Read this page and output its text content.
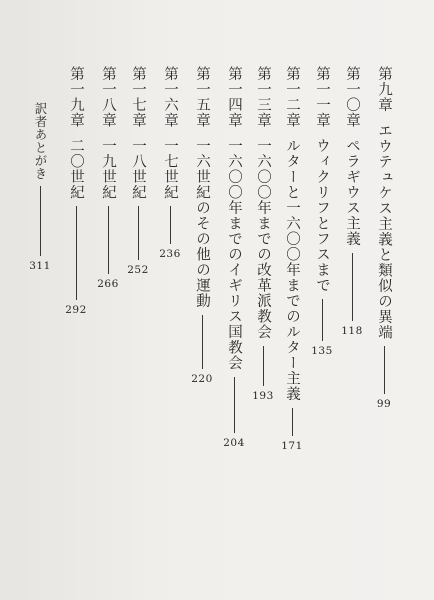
第九章
エウテュケス主義と類似の異端
99
第一〇章
ペラギウス主義
118
第一一章
ウィクリフとフスまで
135
第一二章
ルターと一六〇〇年までのルター主義
171
第一三章
一六〇〇年までの改革派教会
193
第一四章
一六〇〇年までのイギリス国教会
204
第一五章
一六世紀のその他の運動
220
第一六章
一七世紀
236
第一七章
一八世紀
252
第一八章
一九世紀
266
第一九章
二〇世紀
292
訳者あとがき
311
